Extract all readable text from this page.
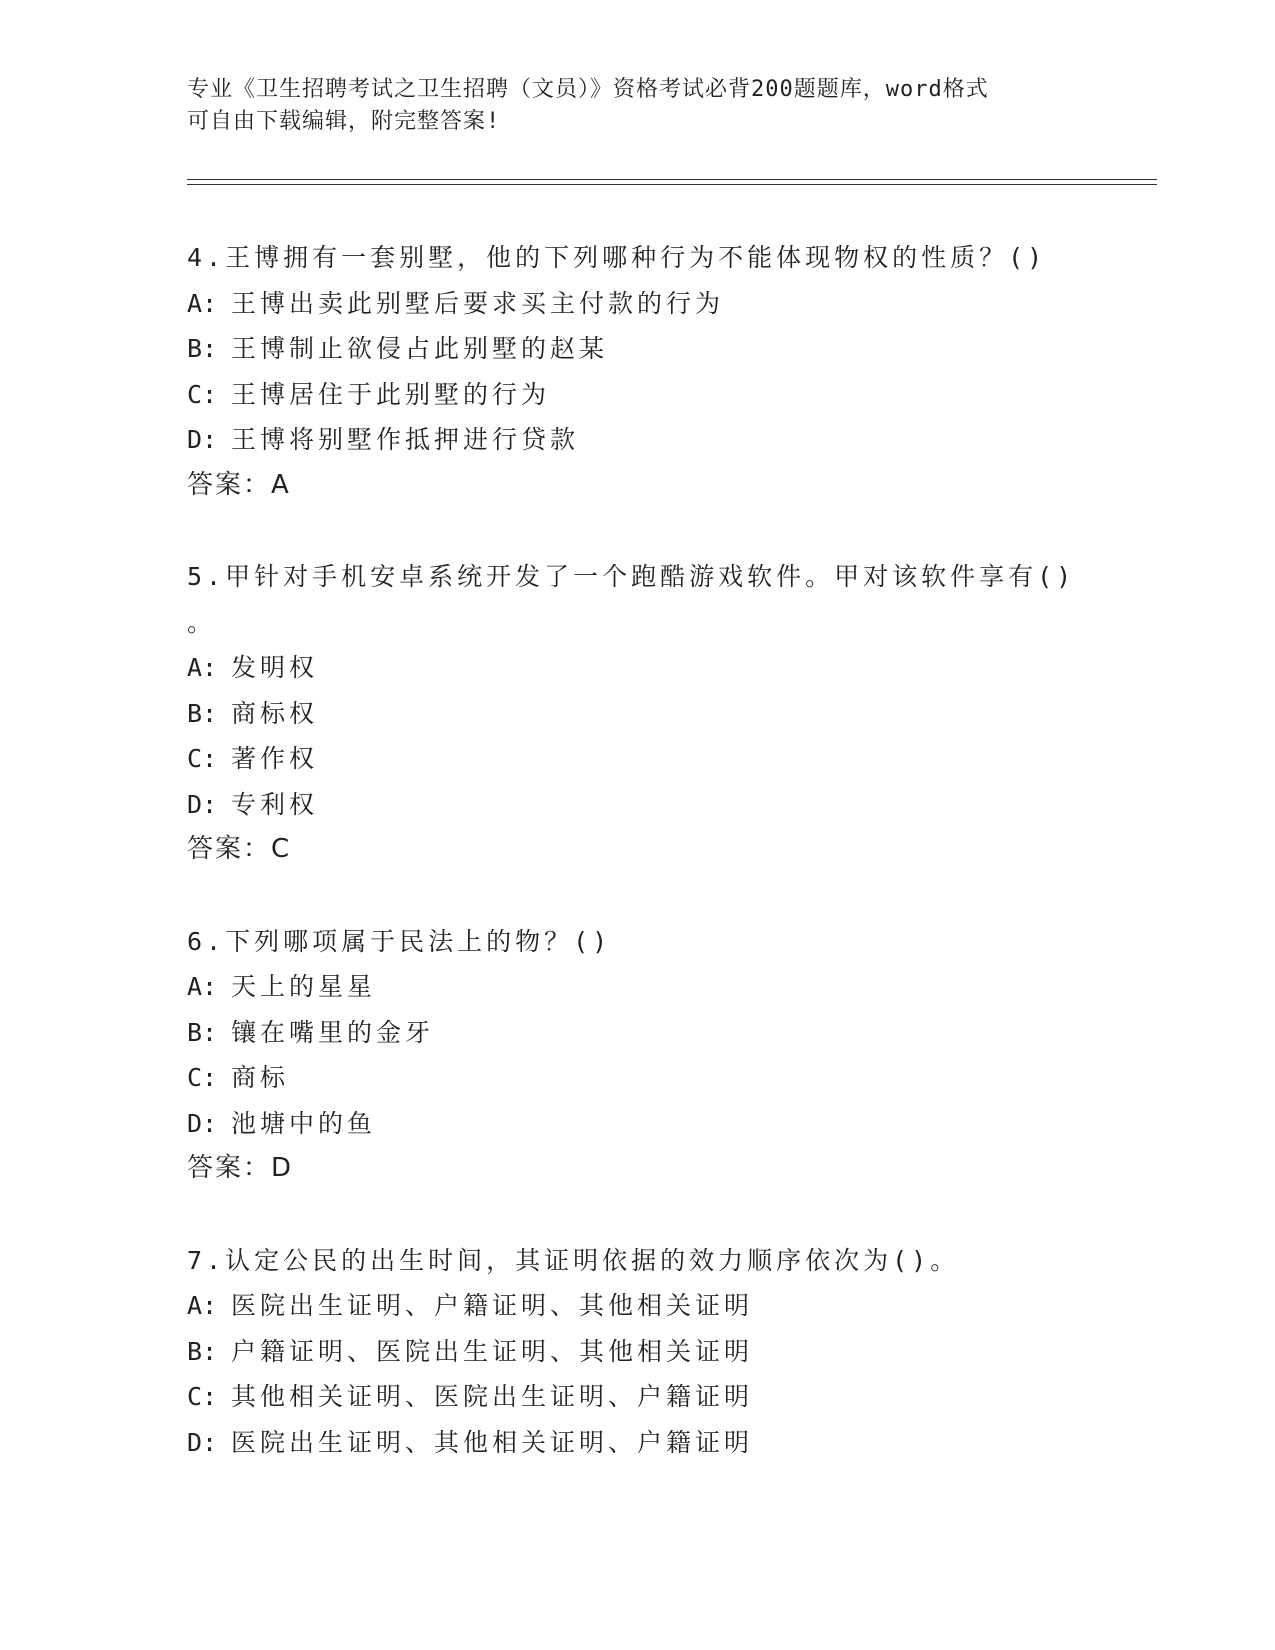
专业《卫生招聘考试之卫生招聘（文员）》资格考试必背200题题库，word格式
可自由下载编辑，附完整答案!
4.王博拥有一套别墅，他的下列哪种行为不能体现物权的性质？()
A: 王博出卖此别墅后要求买主付款的行为
B: 王博制止欲侵占此别墅的赵某
C: 王博居住于此别墅的行为
D: 王博将别墅作抵押进行贷款
答案：A
5.甲针对手机安卓系统开发了一个跑酷游戏软件。甲对该软件享有()
。
A: 发明权
B: 商标权
C: 著作权
D: 专利权
答案：C
6.下列哪项属于民法上的物？()
A: 天上的星星
B: 镶在嘴里的金牙
C: 商标
D: 池塘中的鱼
答案：D
7.认定公民的出生时间，其证明依据的效力顺序依次为()。
A: 医院出生证明、户籍证明、其他相关证明
B: 户籍证明、医院出生证明、其他相关证明
C: 其他相关证明、医院出生证明、户籍证明
D: 医院出生证明、其他相关证明、户籍证明
